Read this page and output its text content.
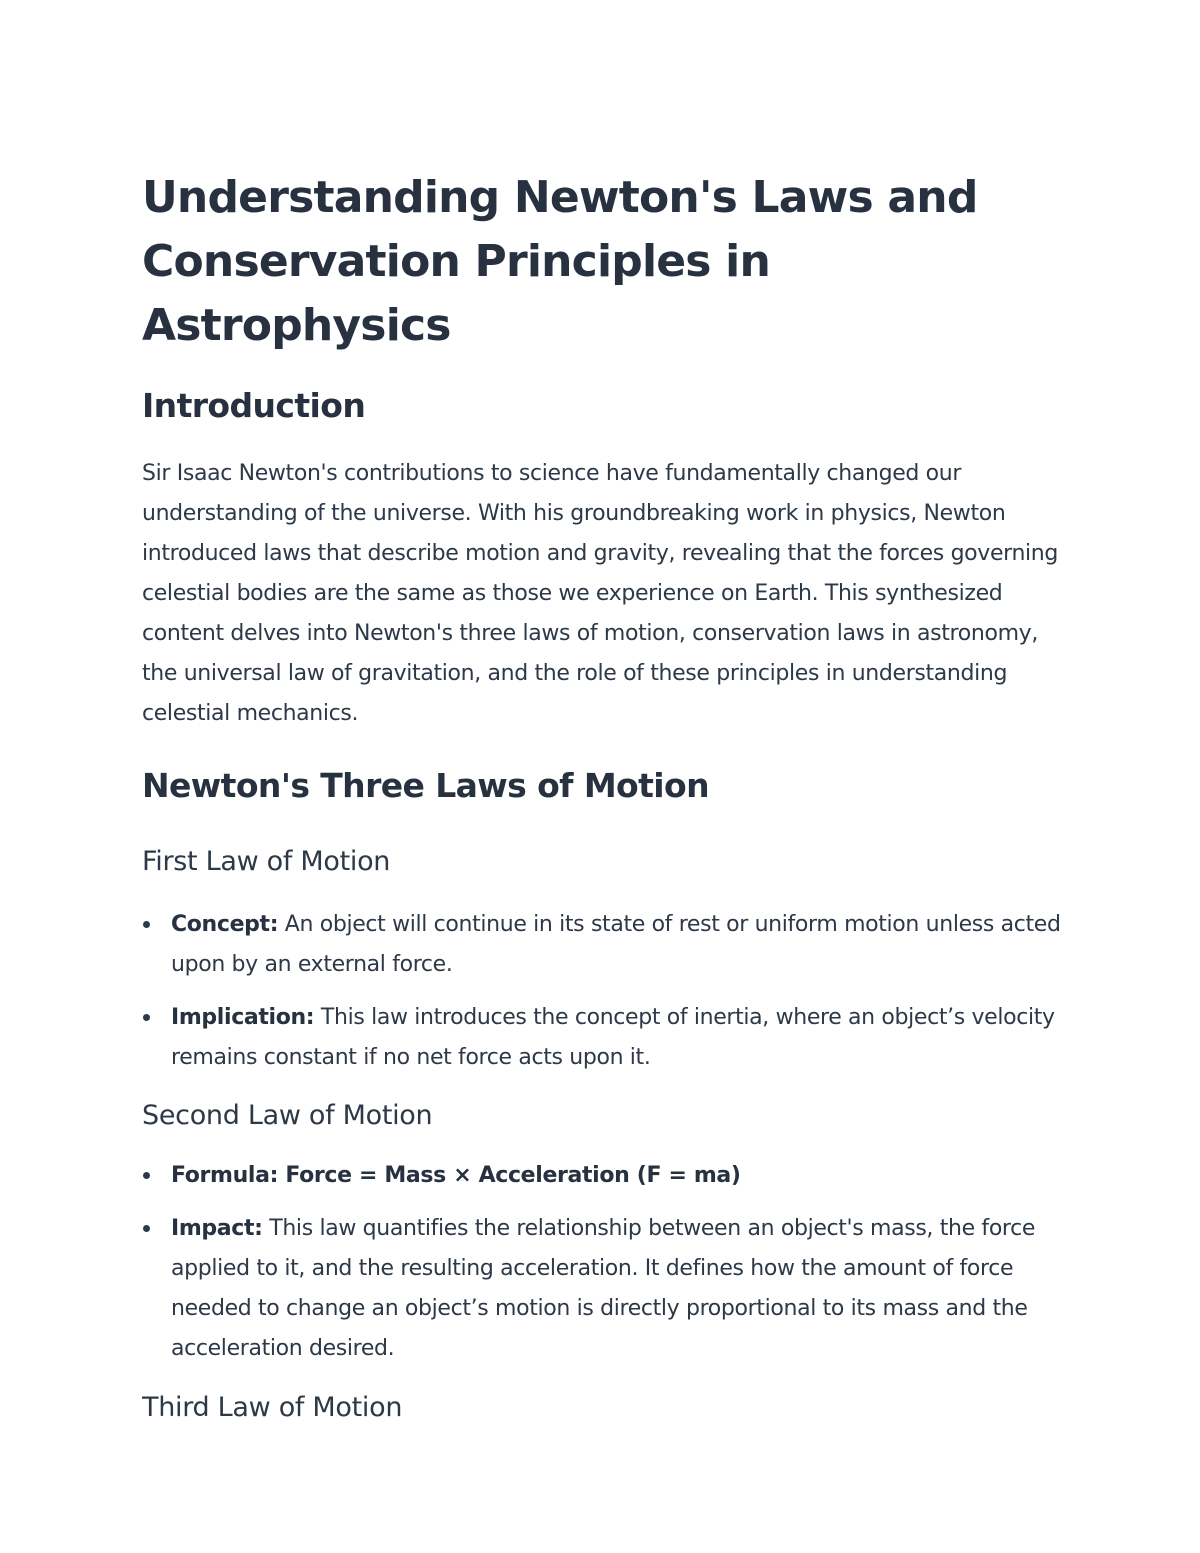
Understanding Newton's Laws and Conservation Principles in Astrophysics
Introduction

Sir Isaac Newton's contributions to science have fundamentally changed our understanding of the universe. With his groundbreaking work in physics, Newton introduced laws that describe motion and gravity, revealing that the forces governing celestial bodies are the same as those we experience on Earth. This synthesized content delves into Newton's three laws of motion, conservation laws in astronomy, the universal law of gravitation, and the role of these principles in understanding celestial mechanics.

Newton's Three Laws of Motion
First Law of Motion
Concept: An object will continue in its state of rest or uniform motion unless acted upon by an external force.
Implication: This law introduces the concept of inertia, where an object’s velocity remains constant if no net force acts upon it.
Second Law of Motion
Formula: Force = Mass × Acceleration (F = ma)
Impact: This law quantifies the relationship between an object's mass, the force applied to it, and the resulting acceleration. It defines how the amount of force needed to change an object’s motion is directly proportional to its mass and the acceleration desired.
Third Law of Motion
